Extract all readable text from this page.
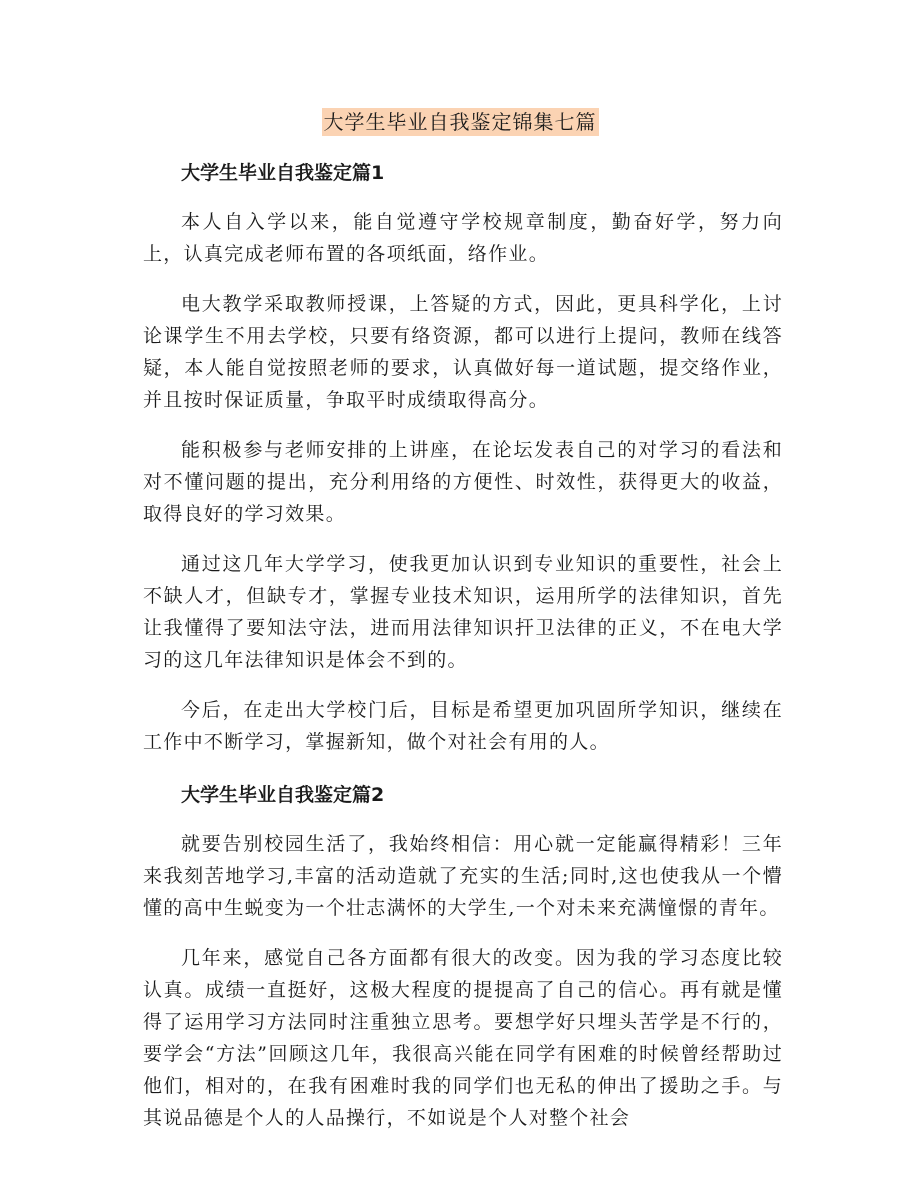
大学生毕业自我鉴定锦集七篇
大学生毕业自我鉴定篇1

本人自入学以来，能自觉遵守学校规章制度，勤奋好学，努力向上，认真完成老师布置的各项纸面，络作业。

电大教学采取教师授课，上答疑的方式，因此，更具科学化，上讨论课学生不用去学校，只要有络资源，都可以进行上提问，教师在线答疑，本人能自觉按照老师的要求，认真做好每一道试题，提交络作业，并且按时保证质量，争取平时成绩取得高分。

能积极参与老师安排的上讲座，在论坛发表自己的对学习的看法和对不懂问题的提出，充分利用络的方便性、时效性，获得更大的收益，取得良好的学习效果。

通过这几年大学学习，使我更加认识到专业知识的重要性，社会上不缺人才，但缺专才，掌握专业技术知识，运用所学的法律知识，首先让我懂得了要知法守法，进而用法律知识扞卫法律的正义，不在电大学习的这几年法律知识是体会不到的。

今后，在走出大学校门后，目标是希望更加巩固所学知识，继续在工作中不断学习，掌握新知，做个对社会有用的人。

大学生毕业自我鉴定篇2

就要告别校园生活了，我始终相信：用心就一定能赢得精彩！三年来我刻苦地学习,丰富的活动造就了充实的生活;同时,这也使我从一个懵懂的高中生蜕变为一个壮志满怀的大学生,一个对未来充满憧憬的青年。

几年来，感觉自己各方面都有很大的改变。因为我的学习态度比较认真。成绩一直挺好，这极大程度的提提高了自己的信心。再有就是懂得了运用学习方法同时注重独立思考。要想学好只埋头苦学是不行的，要学会“方法”回顾这几年，我很高兴能在同学有困难的时候曾经帮助过他们，相对的，在我有困难时我的同学们也无私的伸出了援助之手。与其说品德是个人的人品操行，不如说是个人对整个社会
